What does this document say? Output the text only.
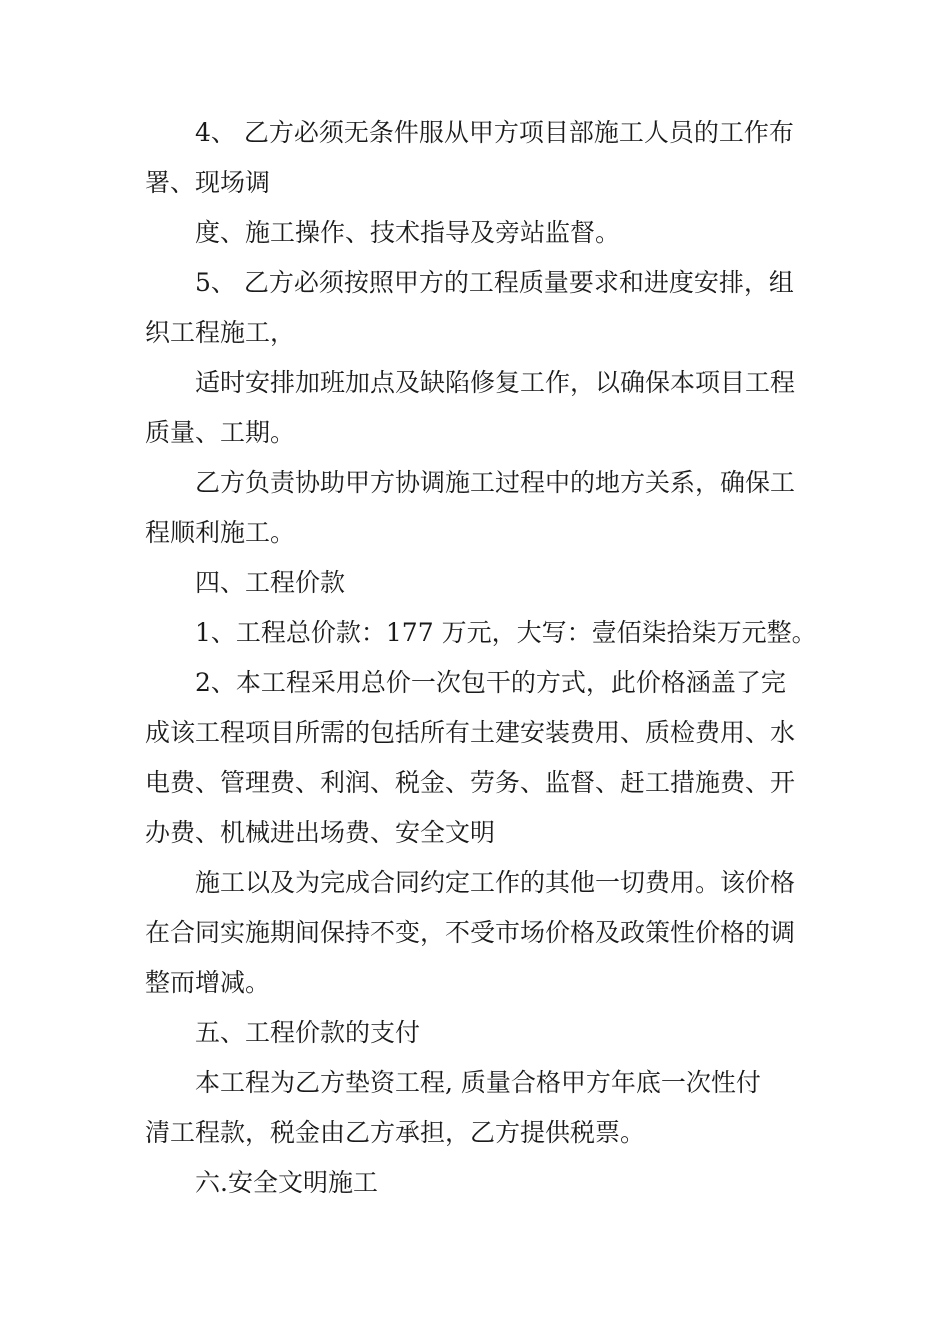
4、 乙方必须无条件服从甲方项目部施工人员的工作布
署、现场调
度、施工操作、技术指导及旁站监督。
5、 乙方必须按照甲方的工程质量要求和进度安排，组
织工程施工，
适时安排加班加点及缺陷修复工作，以确保本项目工程
质量、工期。
乙方负责协助甲方协调施工过程中的地方关系，确保工
程顺利施工。
四、工程价款
1、工程总价款：177 万元，大写：壹佰柒拾柒万元整。
2、本工程采用总价一次包干的方式，此价格涵盖了完
成该工程项目所需的包括所有土建安装费用、质检费用、水
电费、管理费、利润、税金、劳务、监督、赶工措施费、开
办费、机械进出场费、安全文明
施工以及为完成合同约定工作的其他一切费用。该价格
在合同实施期间保持不变，不受市场价格及政策性价格的调
整而增减。
五、工程价款的支付
本工程为乙方垫资工程, 质量合格甲方年底一次性付
清工程款，税金由乙方承担，乙方提供税票。
六.安全文明施工
